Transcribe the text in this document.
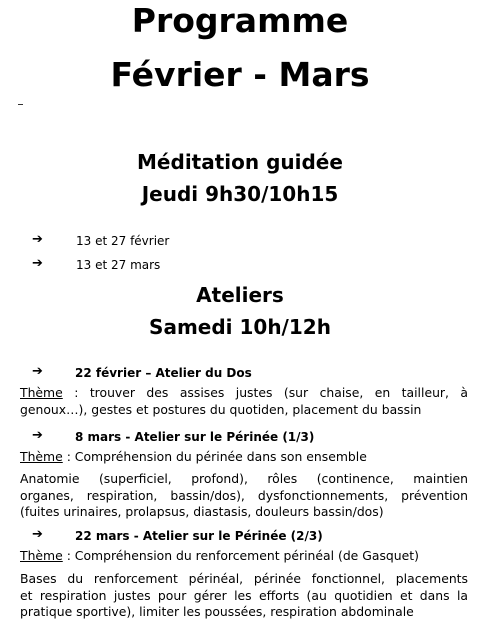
Programme
Février - Mars
Méditation guidée
Jeudi 9h30/10h15
➔	13 et 27 février
➔	13 et 27 mars
Ateliers
Samedi 10h/12h
➔	22 février – Atelier du Dos
Thème : trouver des assises justes (sur chaise, en tailleur, à
genoux…), gestes et postures du quotiden, placement du bassin
➔	8 mars - Atelier sur le Périnée (1/3)
Thème : Compréhension du périnée dans son ensemble
Anatomie (superficiel, profond), rôles (continence, maintien
organes, respiration, bassin/dos), dysfonctionnements, prévention
(fuites urinaires, prolapsus, diastasis, douleurs bassin/dos)
➔	22 mars - Atelier sur le Périnée (2/3)
Thème : Compréhension du renforcement périnéal (de Gasquet)
Bases du renforcement périnéal, périnée fonctionnel, placements
et respiration justes pour gérer les efforts (au quotidien et dans la
pratique sportive), limiter les poussées, respiration abdominale
